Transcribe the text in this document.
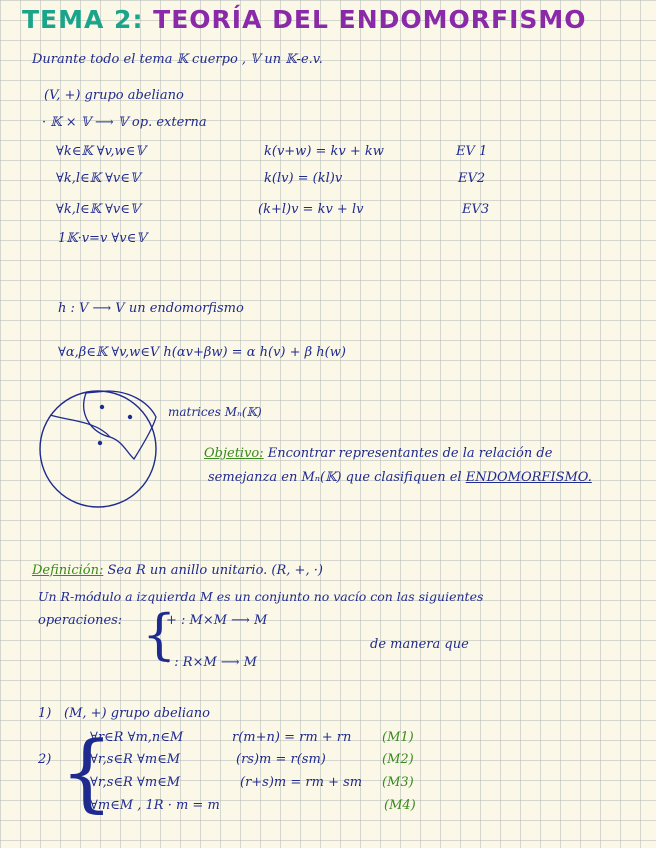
TEMA 2: TEORÍA DEL ENDOMORFISMO
Durante todo el tema 𝕂 cuerpo , 𝕍 un 𝕂-e.v.
(V, +) grupo abeliano
· 𝕂 × 𝕍 ⟶ 𝕍 op. externa
∀k∈𝕂 ∀v,w∈𝕍	k(v+w) = kv + kw	EV 1
∀k,l∈𝕂 ∀v∈𝕍	k(lv) = (kl)v	EV2
∀k,l∈𝕂 ∀v∈𝕍	(k+l)v = kv + lv	EV3
1𝕂·v=v ∀v∈𝕍
h : V ⟶ V un endomorfismo
∀α,β∈𝕂 ∀v,w∈V h(αv+βw) = α h(v) + β h(w)
matrices Mₙ(𝕂)
Objetivo: Encontrar representantes de la relación de
semejanza en Mₙ(𝕂) que clasifiquen el ENDOMORFISMO.
Definición: Sea R un anillo unitario. (R, +, ·)
Un R-módulo a izquierda M es un conjunto no vacío con las siguientes
operaciones: {
+ : M×M ⟶ M
· : R×M ⟶ M
de manera que
1) (M, +) grupo abeliano
2) {
∀r∈R ∀m,n∈M	r(m+n) = rm + rn (M1)
∀r,s∈R ∀m∈M	(rs)m = r(sm)	(M2)
∀r,s∈R ∀m∈M	(r+s)m = rm + sm (M3)
∀m∈M , 1R · m = m	(M4)
